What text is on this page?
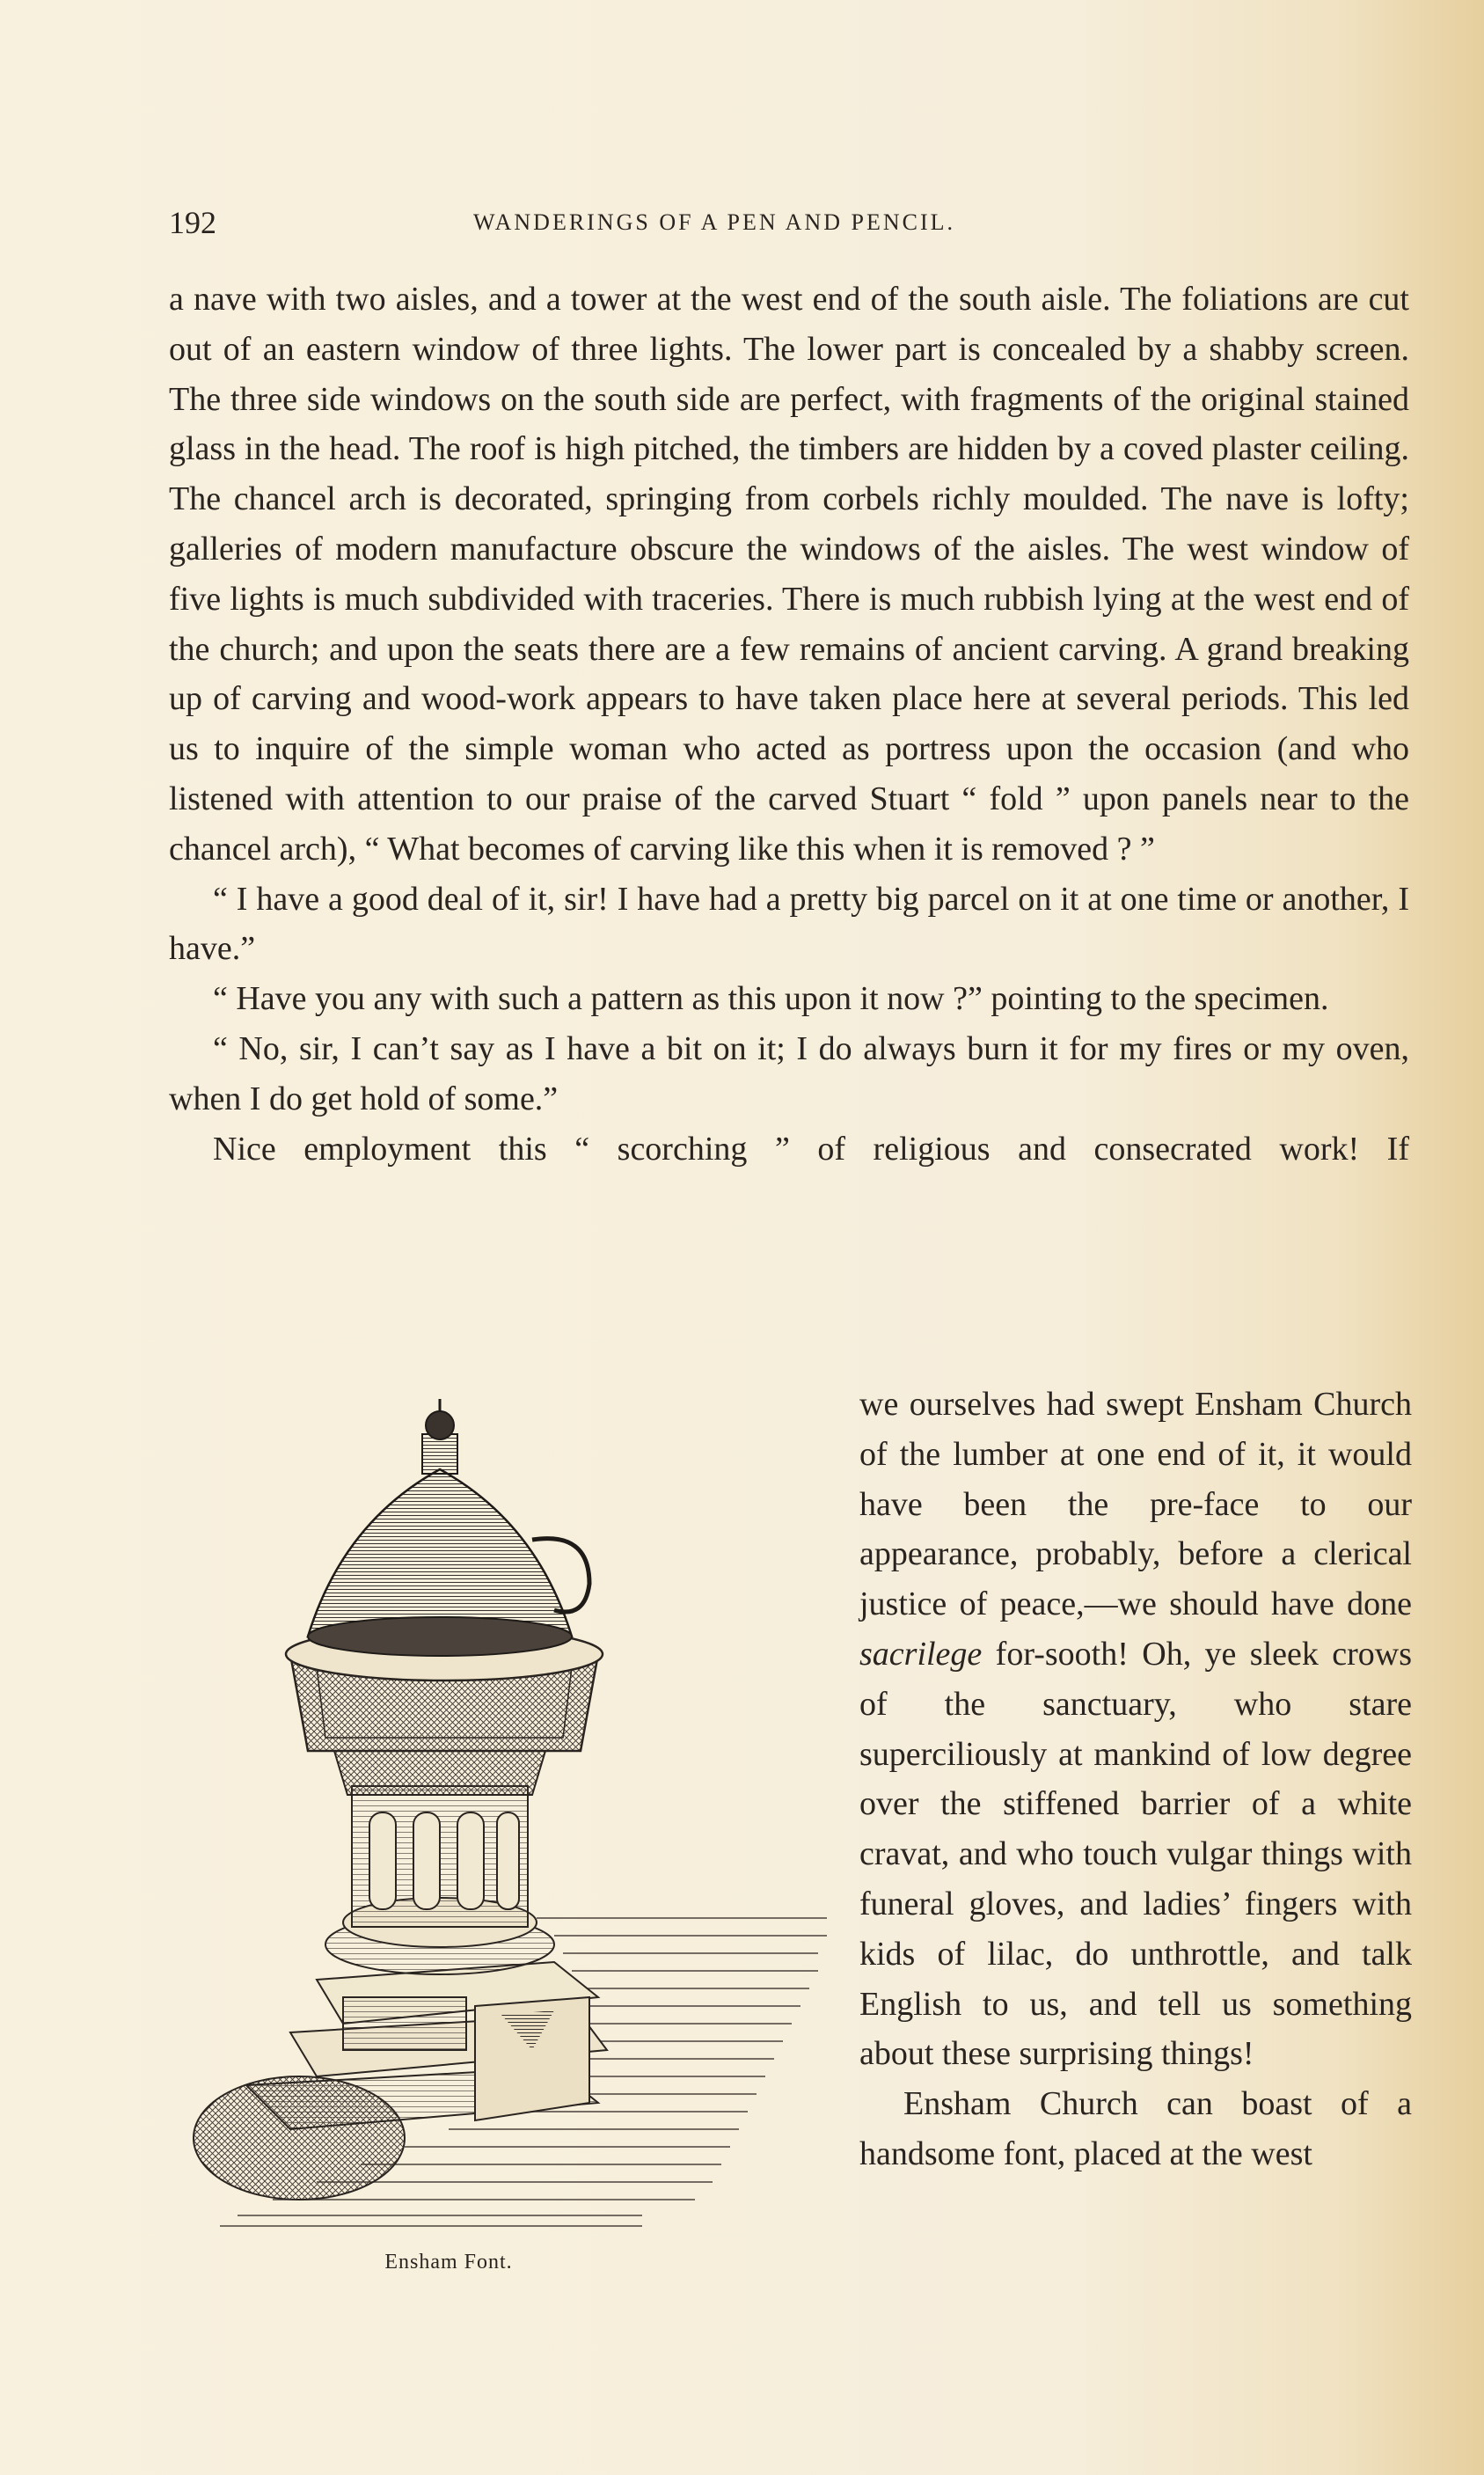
192	WANDERINGS OF A PEN AND PENCIL.

a nave with two aisles, and a tower at the west end of the south aisle. The foliations are cut out of an eastern window of three lights. The lower part is concealed by a shabby screen. The three side windows on the south side are perfect, with fragments of the original stained glass in the head. The roof is high pitched, the timbers are hidden by a coved plaster ceiling. The chancel arch is decorated, springing from corbels richly moulded. The nave is lofty; galleries of modern manufacture obscure the windows of the aisles. The west window of five lights is much subdivided with traceries. There is much rubbish lying at the west end of the church; and upon the seats there are a few remains of ancient carving. A grand breaking up of carving and wood-work appears to have taken place here at several periods. This led us to inquire of the simple woman who acted as portress upon the occasion (and who listened with attention to our praise of the carved Stuart “ fold ” upon panels near to the chancel arch), “ What becomes of carving like this when it is removed ? ”

“ I have a good deal of it, sir! I have had a pretty big parcel on it at one time or another, I have.”

“ Have you any with such a pattern as this upon it now ?” pointing to the specimen.

“ No, sir, I can’t say as I have a bit on it; I do always burn it for my fires or my oven, when I do get hold of some.”

Nice employment this “ scorching ” of religious and consecrated work! If

Ensham Font.

we ourselves had swept Ensham Church of the lumber at one end of it, it would have been the pre-face to our appearance, probably, before a clerical justice of peace,—we should have done sacrilege for-sooth! Oh, ye sleek crows of the sanctuary, who stare superciliously at mankind of low degree over the stiffened barrier of a white cravat, and who touch vulgar things with funeral gloves, and ladies’ fingers with kids of lilac, do unthrottle, and talk English to us, and tell us something about these surprising things!

Ensham Church can boast of a handsome font, placed at the west
